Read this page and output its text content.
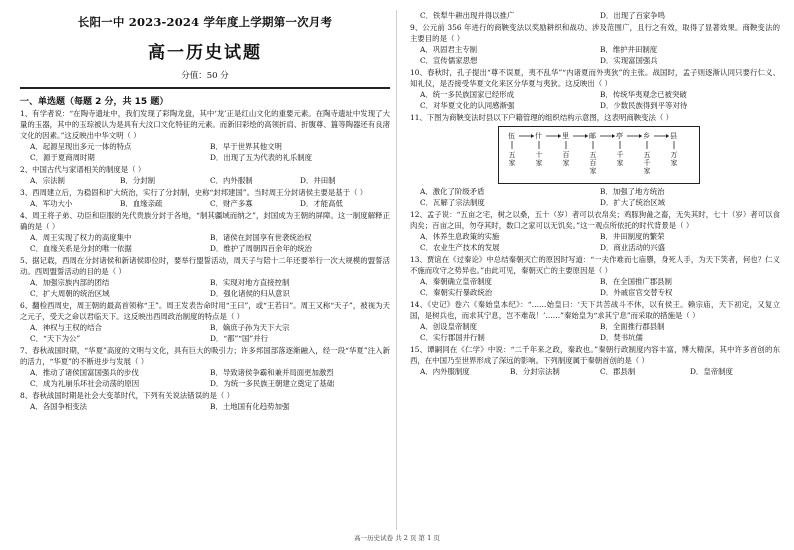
长阳一中 2023-2024 学年度上学期第一次月考
高一历史试题
分值：50 分
一、单选题（每题 2 分，共 15 题）
1、有学者说：“在陶寺遗址中，我们发现了彩陶龙盘，其中‘龙’正是红山文化的重要元素。在陶寺遗址中发现了大量的玉器，其中的玉琮被认为是具有大汶口文化特征的元素。而新旧彩绘的高领折肩、折腹尊、簋等陶器还有良渚文化的因素。”这反映出中华文明（ ）
A．起源呈现出多元一体的特点	B．早于世界其他文明
C．源于夏商周时期	D．出现了五为代表的礼乐制度
2、中国古代与家谱相关的制度是（ ）
A．宗法制	B．分封制	C．内外服制	D．井田制
3、西周建立后，为稳固和扩大统治，实行了分封制，史称“封邦建国”。当时周王分封诸侯主要是基于（ ）
A．军功大小	B．血缘亲疏	C．财产多寡	D．才能高低
4、周王将子弟、功臣和臣服的先代贵族分封于各地，“制其疆域而纳之”，封国成为王朝的屏障。这一制度解释正确的是（ ）
A．周王实现了权力的高度集中	B．诸侯在封国享有世袭统治权
C．血缘关系是分封的唯一依据	D．维护了周朝四百余年的统治
5、据记载，西周在分封诸侯和新诸侯即位时，要举行盟誓活动，周天子与陪十二年还要举行一次大规模的盟誓活动。西周盟誓活动的目的是（ ）
A．加强宗族内部的团结	B．实现对地方直接控制
C．扩大周朝的统治区域	D．强化诸侯的归从意识
6、翻检西周史，周王朝的最高首领称“王”。周王发表告命时用“王曰”，或“王若曰”。周王又称“天子”，被视为天之元子，受天之命以君临天下。这反映出西周政治制度的特点是（ ）
A．神权与王权的结合	B．嫡庶子孙为天下大宗
C．“天下为公”	D．“都”“国”并行
7、春秋战国时期，“华夏”高度的文明与文化，具有巨大的吸引力；许多邦国部落逐渐融入，经一段“华夏”注入新的活力，“华夏”的不断进步与发展（ ）
A．推动了诸侯国富国强兵的步伐	B．导致诸侯争霸和兼并局面更加激烈
C．成为礼崩乐坏社会动荡的原因	D．为统一多民族王朝建立奠定了基础
8、春秋战国时期是社会大变革时代，下列有关说法错误的是（ ）
A．各国争相变法	B．土地国有化趋势加强
C．铁犁牛耕出现并得以推广	D．出现了百家争鸣
9、公元前 356 年进行的商鞅变法以奖励耕织和战功、涉及范围广，且行之有效，取得了显著效果。商鞅变法的主要目的是（ ）
A．巩固君主专制	B．维护井田制度
C．宣传儒家思想	D．实现富国强兵
10、春秋时，孔子提出“尊不误夏，夷不乱华”“内诸夏而外夷狄”的主张。战国时，孟子则逐渐认同只要行仁义、知礼仪，是否接受华夏文化来区分华夏与夷狄。这反映出（ ）
A．统一多民族国家已经形成	B．传统华夷观念已被突破
C．对华夏文化的认同感渐强	D．少数民族得到平等对待
11、下图为商鞅变法时县以下户籍管理的组织结构示意图，这表明商鞅变法（ ）
伍
五家
什
十家
里
百家
邮
五百家
亭
千家
乡
五千家
县
万家
A．激化了阶级矛盾	B．加强了地方统治
C．瓦解了宗法制度	D．扩大了统治区域
12、孟子说：“五亩之宅，树之以桑，五十（岁）者可以衣帛矣；鸡豚狗彘之畜，无失其时，七十（岁）者可以食肉矣；百亩之田，勿夺其时，数口之家可以无饥矣。”这一观点所依托的时代背景是（ ）
A．休养生息政策的实施	B．井田制度的繁荣
C．农业生产技术的发展	D．商业活动的兴盛
13、贾谊在《过秦论》中总结秦朝灭亡的原因时写道：“一夫作难而七庙隳，身死人手，为天下笑者，何也？仁义不施而攻守之势异也。”由此可见，秦朝灭亡的主要原因是（ ）
A．秦朝确立皇帝制度	B．在全国推广郡县制
C．秦朝实行暴政统治	D．外戚宦官交替专权
14、《史记》卷六《秦始皇本纪》：“……始皇曰：‘天下共苦战斗不休，以有侯王。赖宗庙，天下初定，又复立国，是树兵也，而求其宁息，岂不难哉！’……”秦始皇为“求其宁息”而采取的措施是（ ）
A．创设皇帝制度	B．全面推行郡县制
C．实行郡国并行制	D．焚书坑儒
15、谭嗣同在《仁学》中说：“二千年来之政，秦政也。”秦朝行政制度内容丰富，博大精深，其中许多首创的东西，在中国乃至世界形成了深远的影响。下列制度属于秦朝首创的是（ ）
A．内外服制度	B．分封宗法制	C．郡县制	D．皇帝制度
高一历史试卷 共 2 页 第 1 页
